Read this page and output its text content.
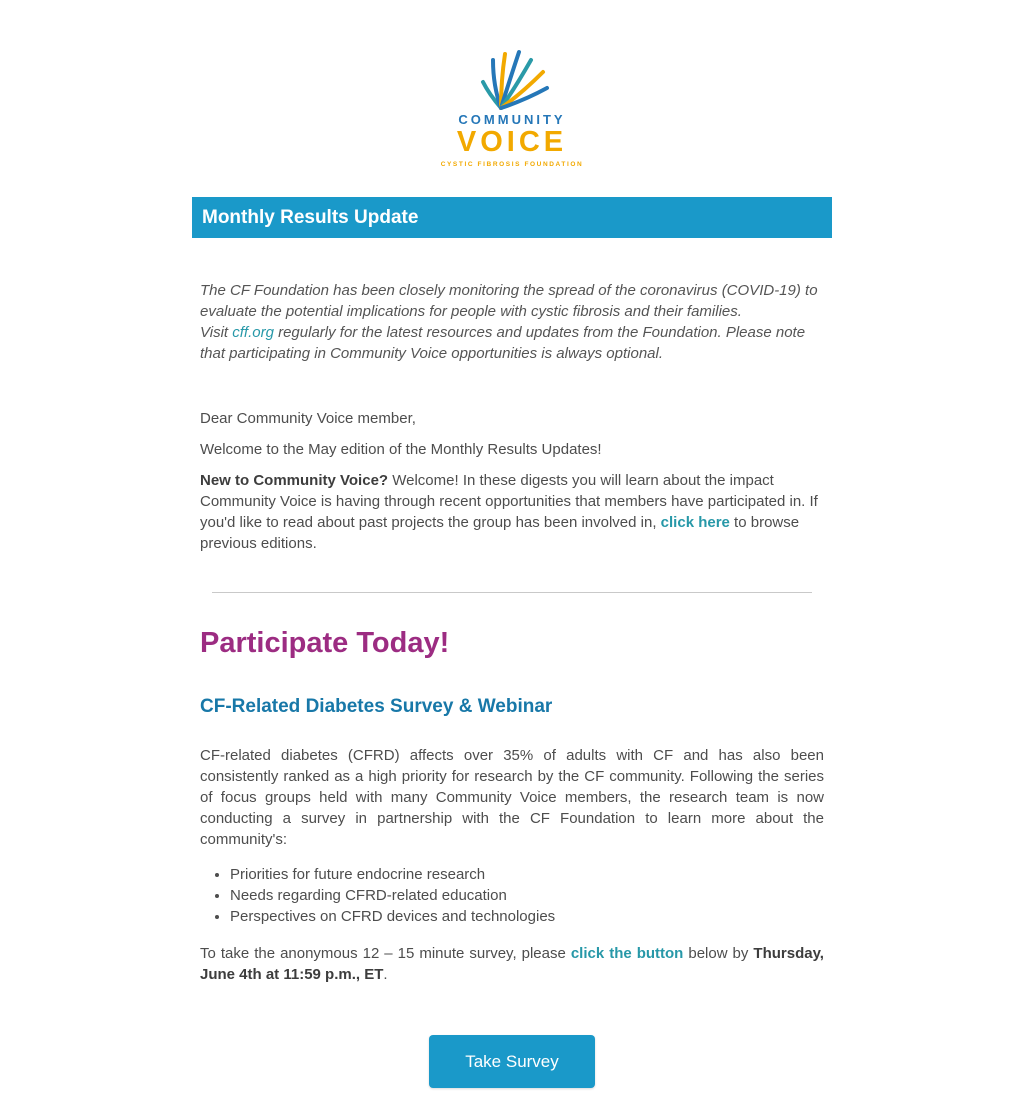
COMMUNITY
VOICE
CYSTIC FIBROSIS FOUNDATION
Monthly Results Update

The CF Foundation has been closely monitoring the spread of the coronavirus (COVID-19) to evaluate the potential implications for people with cystic fibrosis and their families.
Visit cff.org regularly for the latest resources and updates from the Foundation. Please note that participating in Community Voice opportunities is always optional.

Dear Community Voice member,

Welcome to the May edition of the Monthly Results Updates!

New to Community Voice? Welcome! In these digests you will learn about the impact Community Voice is having through recent opportunities that members have participated in. If you'd like to read about past projects the group has been involved in, click here to browse previous editions.

Participate Today!
CF-Related Diabetes Survey & Webinar

CF-related diabetes (CFRD) affects over 35% of adults with CF and has also been consistently ranked as a high priority for research by the CF community. Following the series of focus groups held with many Community Voice members, the research team is now conducting a survey in partnership with the CF Foundation to learn more about the community's:

• Priorities for future endocrine research
• Needs regarding CFRD-related education
• Perspectives on CFRD devices and technologies

To take the anonymous 12 – 15 minute survey, please click the button below by Thursday, June 4th at 11:59 p.m., ET.

Take Survey
